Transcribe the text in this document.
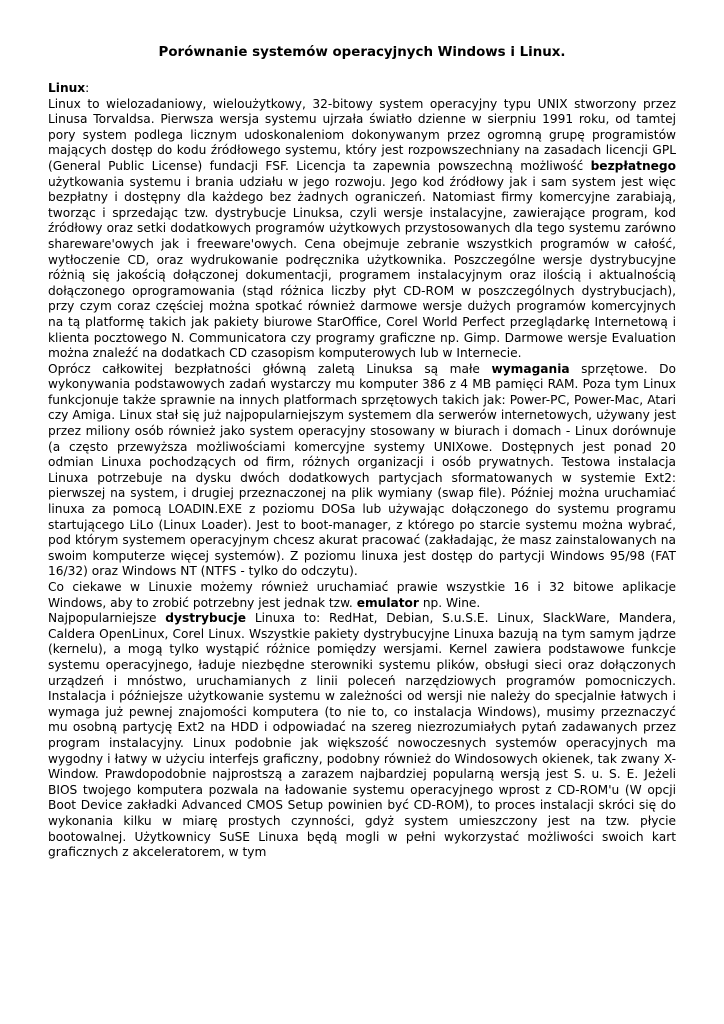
Porównanie systemów operacyjnych Windows i Linux.
Linux:

Linux to wielozadaniowy, wieloużytkowy, 32-bitowy system operacyjny typu UNIX stworzony przez Linusa Torvaldsa. Pierwsza wersja systemu ujrzała światło dzienne w sierpniu 1991 roku, od tamtej pory system podlega licznym udoskonaleniom dokonywanym przez ogromną grupę programistów mających dostęp do kodu źródłowego systemu, który jest rozpowszechniany na zasadach licencji GPL (General Public License) fundacji FSF. Licencja ta zapewnia powszechną możliwość bezpłatnego użytkowania systemu i brania udziału w jego rozwoju. Jego kod źródłowy jak i sam system jest więc bezpłatny i dostępny dla każdego bez żadnych ograniczeń. Natomiast firmy komercyjne zarabiają, tworząc i sprzedając tzw. dystrybucje Linuksa, czyli wersje instalacyjne, zawierające program, kod źródłowy oraz setki dodatkowych programów użytkowych przystosowanych dla tego systemu zarówno shareware'owych jak i freeware'owych. Cena obejmuje zebranie wszystkich programów w całość, wytłoczenie CD, oraz wydrukowanie podręcznika użytkownika. Poszczególne wersje dystrybucyjne różnią się jakością dołączonej dokumentacji, programem instalacyjnym oraz ilością i aktualnością dołączonego oprogramowania (stąd różnica liczby płyt CD-ROM w poszczególnych dystrybucjach), przy czym coraz częściej można spotkać również darmowe wersje dużych programów komercyjnych na tą platformę takich jak pakiety biurowe StarOffice, Corel World Perfect przeglądarkę Internetową i klienta pocztowego N. Communicatora czy programy graficzne np. Gimp. Darmowe wersje Evaluation można znaleźć na dodatkach CD czasopism komputerowych lub w Internecie.

Oprócz całkowitej bezpłatności główną zaletą Linuksa są małe wymagania sprzętowe. Do wykonywania podstawowych zadań wystarczy mu komputer 386 z 4 MB pamięci RAM. Poza tym Linux funkcjonuje także sprawnie na innych platformach sprzętowych takich jak: Power-PC, Power-Mac, Atari czy Amiga. Linux stał się już najpopularniejszym systemem dla serwerów internetowych, używany jest przez miliony osób również jako system operacyjny stosowany w biurach i domach - Linux dorównuje (a często przewyższa możliwościami komercyjne systemy UNIXowe. Dostępnych jest ponad 20 odmian Linuxa pochodzących od firm, różnych organizacji i osób prywatnych. Testowa instalacja Linuxa potrzebuje na dysku dwóch dodatkowych partycjach sformatowanych w systemie Ext2: pierwszej na system, i drugiej przeznaczonej na plik wymiany (swap file). Później można uruchamiać linuxa za pomocą LOADIN.EXE z poziomu DOSa lub używając dołączonego do systemu programu startującego LiLo (Linux Loader). Jest to boot-manager, z którego po starcie systemu można wybrać, pod którym systemem operacyjnym chcesz akurat pracować (zakładając, że masz zainstalowanych na swoim komputerze więcej systemów). Z poziomu linuxa jest dostęp do partycji Windows 95/98 (FAT 16/32) oraz Windows NT (NTFS - tylko do odczytu).

Co ciekawe w Linuxie możemy również uruchamiać prawie wszystkie 16 i 32 bitowe aplikacje Windows, aby to zrobić potrzebny jest jednak tzw. emulator np. Wine.

Najpopularniejsze dystrybucje Linuxa to: RedHat, Debian, S.u.S.E. Linux, SlackWare, Mandera, Caldera OpenLinux, Corel Linux. Wszystkie pakiety dystrybucyjne Linuxa bazują na tym samym jądrze (kernelu), a mogą tylko wystąpić różnice pomiędzy wersjami. Kernel zawiera podstawowe funkcje systemu operacyjnego, ładuje niezbędne sterowniki systemu plików, obsługi sieci oraz dołączonych urządzeń i mnóstwo, uruchamianych z linii poleceń narzędziowych programów pomocniczych. Instalacja i późniejsze użytkowanie systemu w zależności od wersji nie należy do specjalnie łatwych i wymaga już pewnej znajomości komputera (to nie to, co instalacja Windows), musimy przeznaczyć mu osobną partycję Ext2 na HDD i odpowiadać na szereg niezrozumiałych pytań zadawanych przez program instalacyjny. Linux podobnie jak większość nowoczesnych systemów operacyjnych ma wygodny i łatwy w użyciu interfejs graficzny, podobny również do Windosowych okienek, tak zwany X-Window. Prawdopodobnie najprostszą a zarazem najbardziej popularną wersją jest S. u. S. E. Jeżeli BIOS twojego komputera pozwala na ładowanie systemu operacyjnego wprost z CD-ROM'u (W opcji Boot Device zakładki Advanced CMOS Setup powinien być CD-ROM), to proces instalacji skróci się do wykonania kilku w miarę prostych czynności, gdyż system umieszczony jest na tzw. płycie bootowalnej. Użytkownicy SuSE Linuxa będą mogli w pełni wykorzystać możliwości swoich kart graficznych z akceleratorem, w tym
